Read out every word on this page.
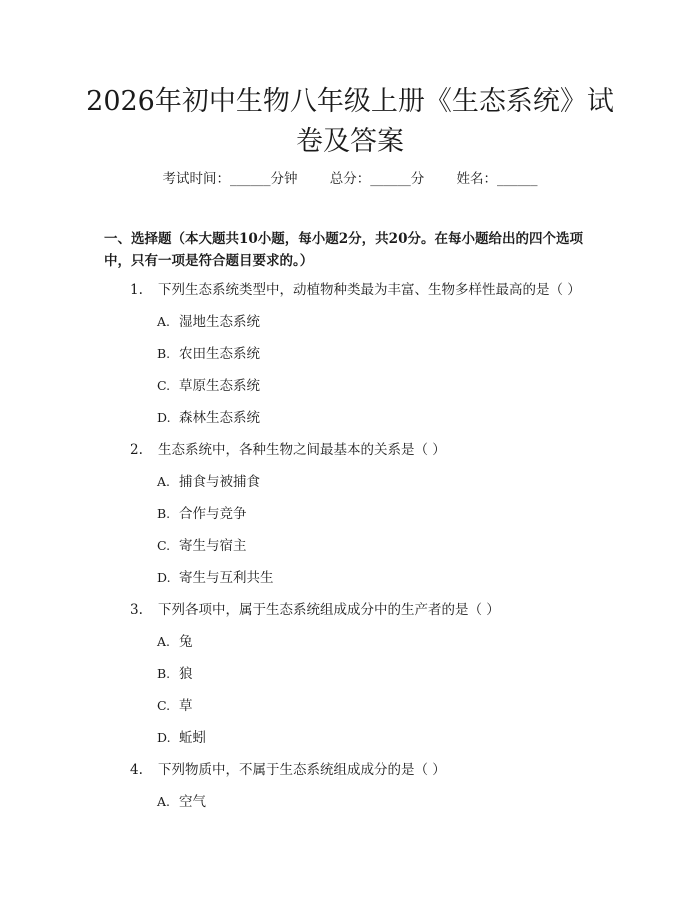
2026年初中生物八年级上册《生态系统》试卷及答案
考试时间：______分钟 总分：______分 姓名：______

一、选择题（本大题共10小题，每小题2分，共20分。在每小题给出的四个选项中，只有一项是符合题目要求的。）

1. 下列生态系统类型中，动植物种类最为丰富、生物多样性最高的是（ ）
A. 湿地生态系统
B. 农田生态系统
C. 草原生态系统
D. 森林生态系统
2. 生态系统中，各种生物之间最基本的关系是（ ）
A. 捕食与被捕食
B. 合作与竞争
C. 寄生与宿主
D. 寄生与互利共生
3. 下列各项中，属于生态系统组成成分中的生产者的是（ ）
A. 兔
B. 狼
C. 草
D. 蚯蚓
4. 下列物质中，不属于生态系统组成成分的是（ ）
A. 空气
